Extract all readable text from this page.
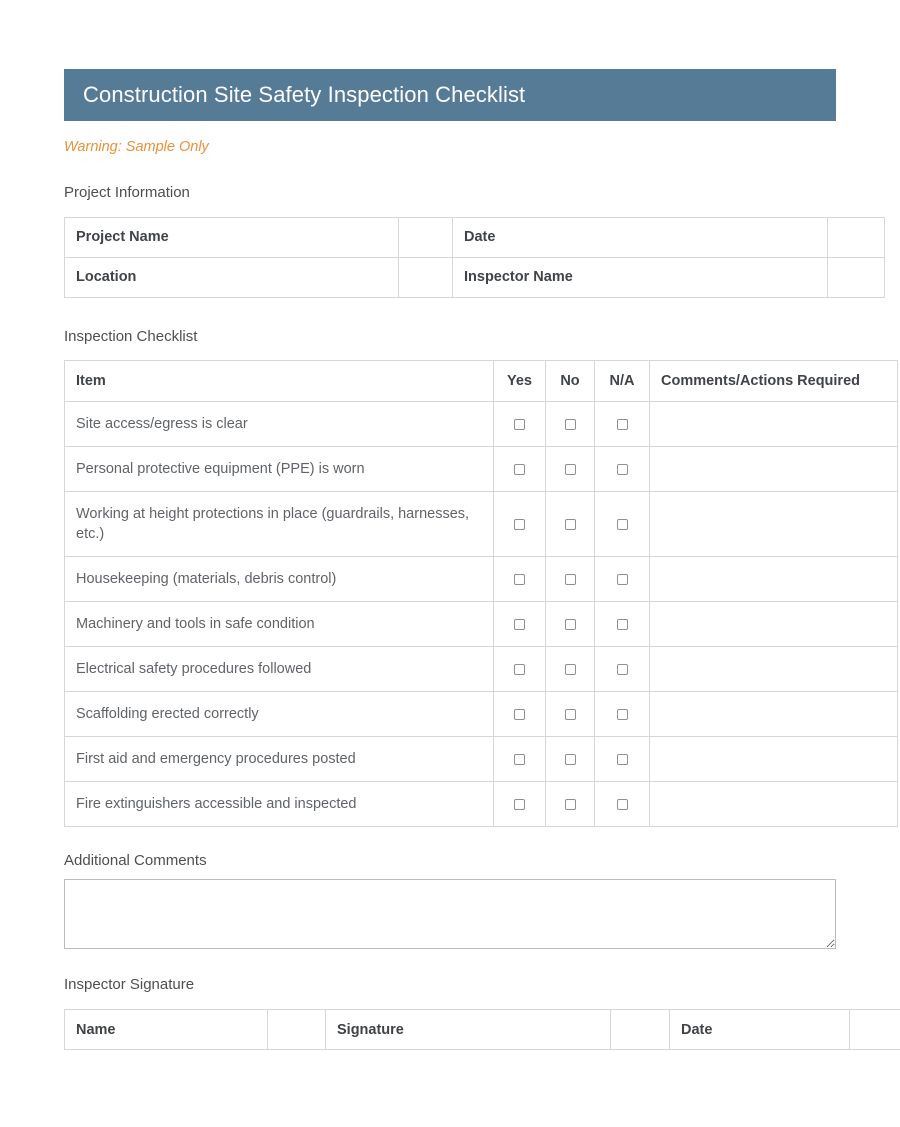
Construction Site Safety Inspection Checklist
Warning: Sample Only
Project Information
Project Name		Date	
Location		Inspector Name	
Inspection Checklist
Item	Yes	No	N/A	Comments/Actions Required
Site access/egress is clear				
Personal protective equipment (PPE) is worn				
Working at height protections in place (guardrails, harnesses, etc.)				
Housekeeping (materials, debris control)				
Machinery and tools in safe condition				
Electrical safety procedures followed				
Scaffolding erected correctly				
First aid and emergency procedures posted				
Fire extinguishers accessible and inspected				
Additional Comments
Inspector Signature
Name		Signature		Date	
